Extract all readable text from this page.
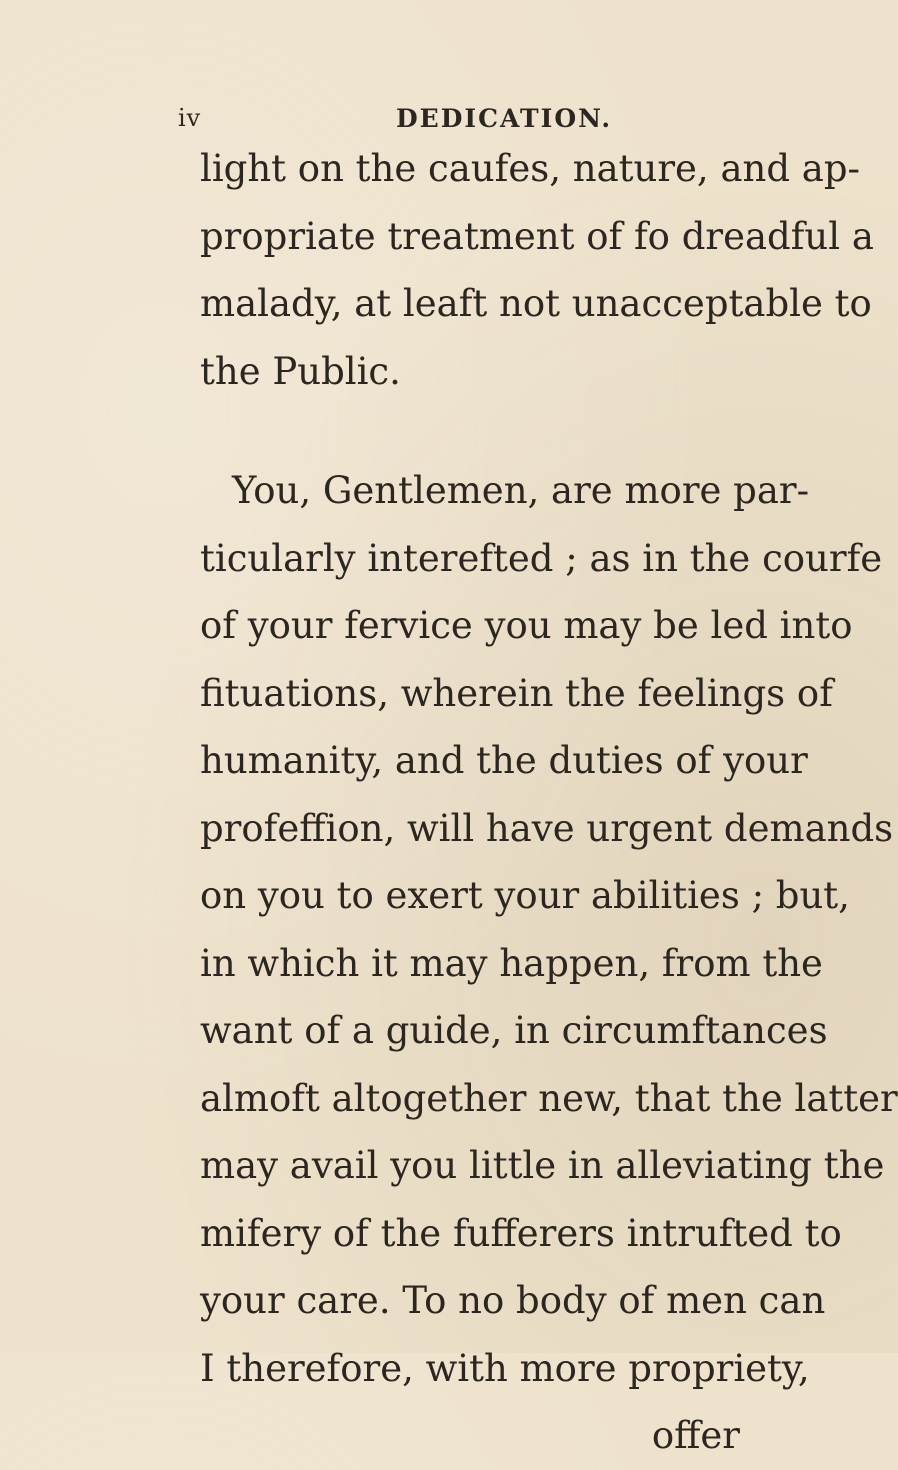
iv	DEDICATION.
light on the caufes, nature, and ap-
propriate treatment of fo dreadful a
malady, at leaft not unacceptable to
the Public.
You, Gentlemen, are more par-
ticularly interefted ; as in the courfe
of your fervice you may be led into
fituations, wherein the feelings of
humanity, and the duties of your
profeffion, will have urgent demands
on you to exert your abilities ; but,
in which it may happen, from the
want of a guide, in circumftances
almoft altogether new, that the latter
may avail you little in alleviating the
mifery of the fufferers intrufted to
your care. To no body of men can
I therefore, with more propriety,
offer
